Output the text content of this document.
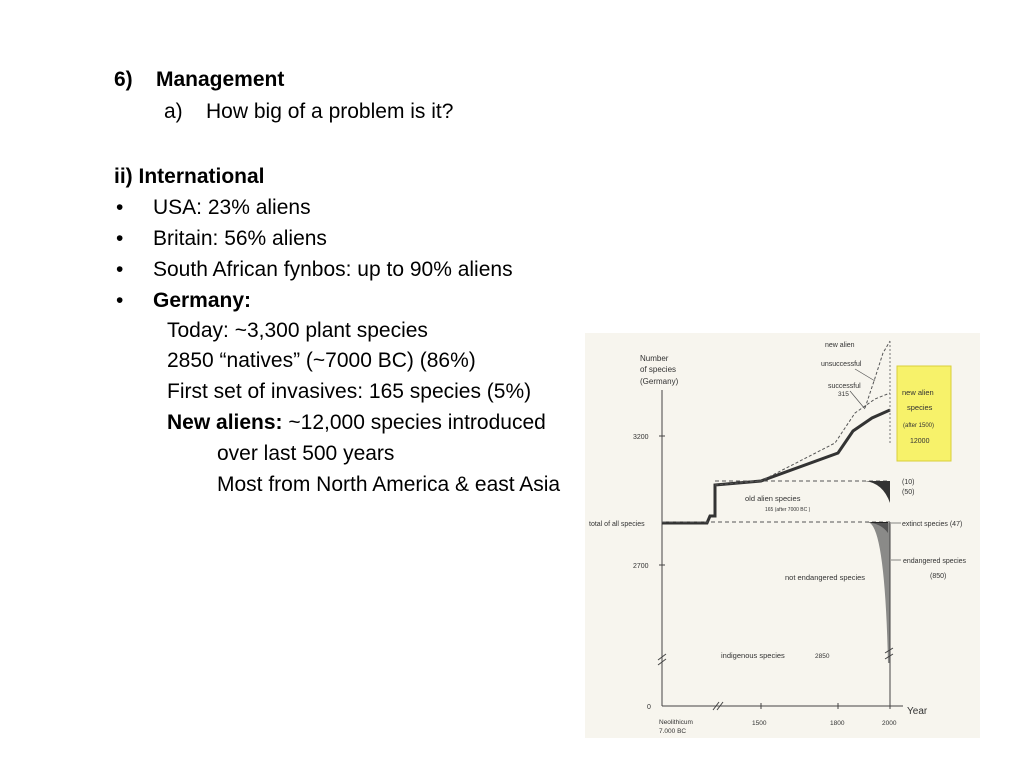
6) Management
a) How big of a problem is it?
ii) International
• USA: 23% aliens
• Britain: 56% aliens
• South African fynbos: up to 90% aliens
• Germany:
Today: ~3,300 plant species
2850 “natives” (~7000 BC) (86%)
First set of invasives: 165 species (5%)
New aliens: ~12,000 species introduced
over last 500 years
Most from North America & east Asia
Number
of species
(Germany)
3200
2700
0
Neolithicum
7.000 BC
1500	1800	2000
Year
new alien
unsuccessful
successful
315
old alien species
165 (after 7000 BC )
total of all species
not endangered species
indigenous species	2850
(10)
(50)
extinct species (47)
endangered species
(850)
new alien
species
(after 1500)
12000
